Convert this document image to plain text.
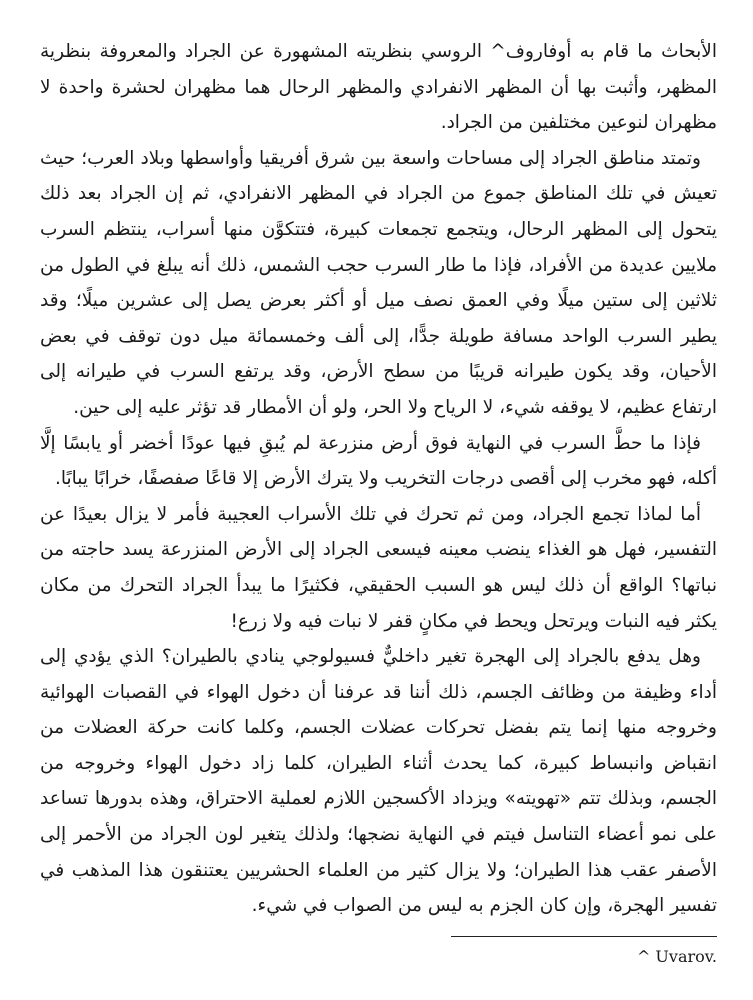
الأبحاث ما قام به أوفاروف^ الروسي بنظريته المشهورة عن الجراد والمعروفة بنظرية المظهر، وأثبت بها أن المظهر الانفرادي والمظهر الرحال هما مظهران لحشرة واحدة لا مظهران لنوعين مختلفين من الجراد.

وتمتد مناطق الجراد إلى مساحات واسعة بين شرق أفريقيا وأواسطها وبلاد العرب؛ حيث تعيش في تلك المناطق جموع من الجراد في المظهر الانفرادي، ثم إن الجراد بعد ذلك يتحول إلى المظهر الرحال، ويتجمع تجمعات كبيرة، فتتكوَّن منها أسراب، ينتظم السرب ملايين عديدة من الأفراد، فإذا ما طار السرب حجب الشمس، ذلك أنه يبلغ في الطول من ثلاثين إلى ستين ميلًا وفي العمق نصف ميل أو أكثر بعرض يصل إلى عشرين ميلًا؛ وقد يطير السرب الواحد مسافة طويلة جدًّا، إلى ألف وخمسمائة ميل دون توقف في بعض الأحيان، وقد يكون طيرانه قريبًا من سطح الأرض، وقد يرتفع السرب في طيرانه إلى ارتفاع عظيم، لا يوقفه شيء، لا الرياح ولا الحر، ولو أن الأمطار قد تؤثر عليه إلى حين.

فإذا ما حطَّ السرب في النهاية فوق أرض منزرعة لم يُبقِ فيها عودًا أخضر أو يابسًا إلَّا أكله، فهو مخرب إلى أقصى درجات التخريب ولا يترك الأرض إلا قاعًا صفصفًا، خرابًا يبابًا.

أما لماذا تجمع الجراد، ومن ثم تحرك في تلك الأسراب العجيبة فأمر لا يزال بعيدًا عن التفسير، فهل هو الغذاء ينضب معينه فيسعى الجراد إلى الأرض المنزرعة يسد حاجته من نباتها؟ الواقع أن ذلك ليس هو السبب الحقيقي، فكثيرًا ما يبدأ الجراد التحرك من مكان يكثر فيه النبات ويرتحل ويحط في مكانٍ قفر لا نبات فيه ولا زرع!

وهل يدفع بالجراد إلى الهجرة تغير داخليٌّ فسيولوجي ينادي بالطيران؟ الذي يؤدي إلى أداء وظيفة من وظائف الجسم، ذلك أننا قد عرفنا أن دخول الهواء في القصبات الهوائية وخروجه منها إنما يتم بفضل تحركات عضلات الجسم، وكلما كانت حركة العضلات من انقباض وانبساط كبيرة، كما يحدث أثناء الطيران، كلما زاد دخول الهواء وخروجه من الجسم، وبذلك تتم «تهويته» ويزداد الأكسجين اللازم لعملية الاحتراق، وهذه بدورها تساعد على نمو أعضاء التناسل فيتم في النهاية نضجها؛ ولذلك يتغير لون الجراد من الأحمر إلى الأصفر عقب هذا الطيران؛ ولا يزال كثير من العلماء الحشريين يعتنقون هذا المذهب في تفسير الهجرة، وإن كان الجزم به ليس من الصواب في شيء.

^ Uvarov.
